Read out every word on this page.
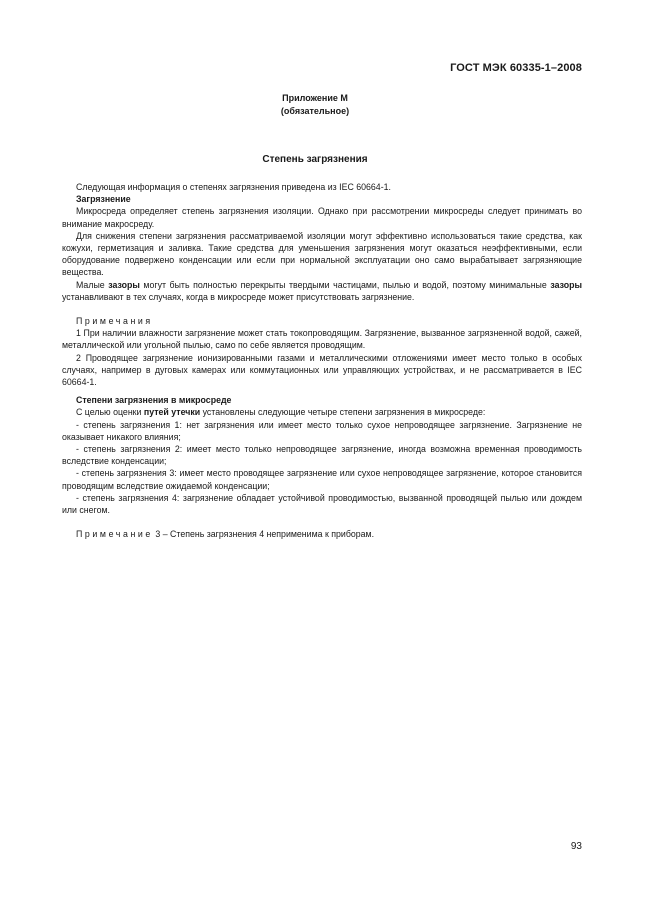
ГОСТ МЭК 60335-1–2008
Приложение М
(обязательное)
Степень загрязнения

Следующая информация о степенях загрязнения приведена из IEC 60664-1.

Загрязнение

Микросреда определяет степень загрязнения изоляции. Однако при рассмотрении микросреды следует принимать во внимание макросреду.

Для снижения степени загрязнения рассматриваемой изоляции могут эффективно использоваться такие средства, как кожухи, герметизация и заливка. Такие средства для уменьшения загрязнения могут оказаться неэффективными, если оборудование подвержено конденсации или если при нормальной эксплуатации оно само вырабатывает загрязняющие вещества.

Малые зазоры могут быть полностью перекрыты твердыми частицами, пылью и водой, поэтому минимальные зазоры устанавливают в тех случаях, когда в микросреде может присутствовать загрязнение.

Примечания

1 При наличии влажности загрязнение может стать токопроводящим. Загрязнение, вызванное загрязненной водой, сажей, металлической или угольной пылью, само по себе является проводящим.

2 Проводящее загрязнение ионизированными газами и металлическими отложениями имеет место только в особых случаях, например в дуговых камерах или коммутационных или управляющих устройствах, и не рассматривается в IEC 60664-1.

Степени загрязнения в микросреде

С целью оценки путей утечки установлены следующие четыре степени загрязнения в микросреде:

- степень загрязнения 1: нет загрязнения или имеет место только сухое непроводящее загрязнение. Загрязнение не оказывает никакого влияния;

- степень загрязнения 2: имеет место только непроводящее загрязнение, иногда возможна временная проводимость вследствие конденсации;

- степень загрязнения 3: имеет место проводящее загрязнение или сухое непроводящее загрязнение, которое становится проводящим вследствие ожидаемой конденсации;

- степень загрязнения 4: загрязнение обладает устойчивой проводимостью, вызванной проводящей пылью или дождем или снегом.

Примечание 3 – Степень загрязнения 4 неприменима к приборам.

93
